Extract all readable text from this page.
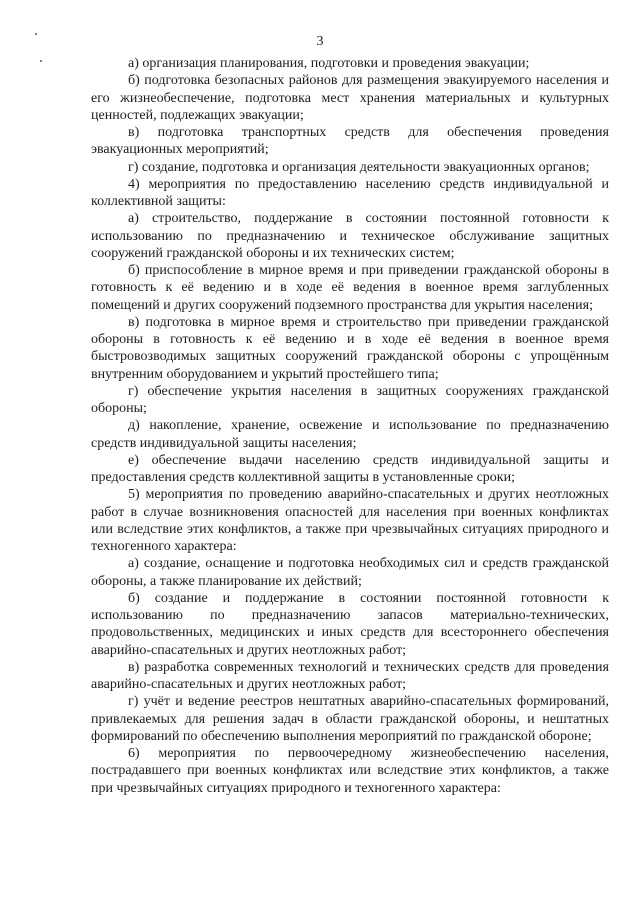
3

а) организация планирования, подготовки и проведения эвакуации;

б) подготовка безопасных районов для размещения эвакуируемого населения и его жизнеобеспечение, подготовка мест хранения материальных и культурных ценностей, подлежащих эвакуации;

в) подготовка транспортных средств для обеспечения проведения эвакуационных мероприятий;

г) создание, подготовка и организация деятельности эвакуационных органов;

4) мероприятия по предоставлению населению средств индивидуальной и коллективной защиты:

а) строительство, поддержание в состоянии постоянной готовности к использованию по предназначению и техническое обслуживание защитных сооружений гражданской обороны и их технических систем;

б) приспособление в мирное время и при приведении гражданской обороны в готовность к её ведению и в ходе её ведения в военное время заглубленных помещений и других сооружений подземного пространства для укрытия населения;

в) подготовка в мирное время и строительство при приведении гражданской обороны в готовность к её ведению и в ходе её ведения в военное время быстровозводимых защитных сооружений гражданской обороны с упрощённым внутренним оборудованием и укрытий простейшего типа;

г) обеспечение укрытия населения в защитных сооружениях гражданской обороны;

д) накопление, хранение, освежение и использование по предназначению средств индивидуальной защиты населения;

е) обеспечение выдачи населению средств индивидуальной защиты и предоставления средств коллективной защиты в установленные сроки;

5) мероприятия по проведению аварийно-спасательных и других неотложных работ в случае возникновения опасностей для населения при военных конфликтах или вследствие этих конфликтов, а также при чрезвычайных ситуациях природного и техногенного характера:

а) создание, оснащение и подготовка необходимых сил и средств гражданской обороны, а также планирование их действий;

б) создание и поддержание в состоянии постоянной готовности к использованию по предназначению запасов материально-технических, продовольственных, медицинских и иных средств для всестороннего обеспечения аварийно-спасательных и других неотложных работ;

в) разработка современных технологий и технических средств для проведения аварийно-спасательных и других неотложных работ;

г) учёт и ведение реестров нештатных аварийно-спасательных формирований, привлекаемых для решения задач в области гражданской обороны, и нештатных формирований по обеспечению выполнения мероприятий по гражданской обороне;

6) мероприятия по первоочередному жизнеобеспечению населения, пострадавшего при военных конфликтах или вследствие этих конфликтов, а также при чрезвычайных ситуациях природного и техногенного характера:
